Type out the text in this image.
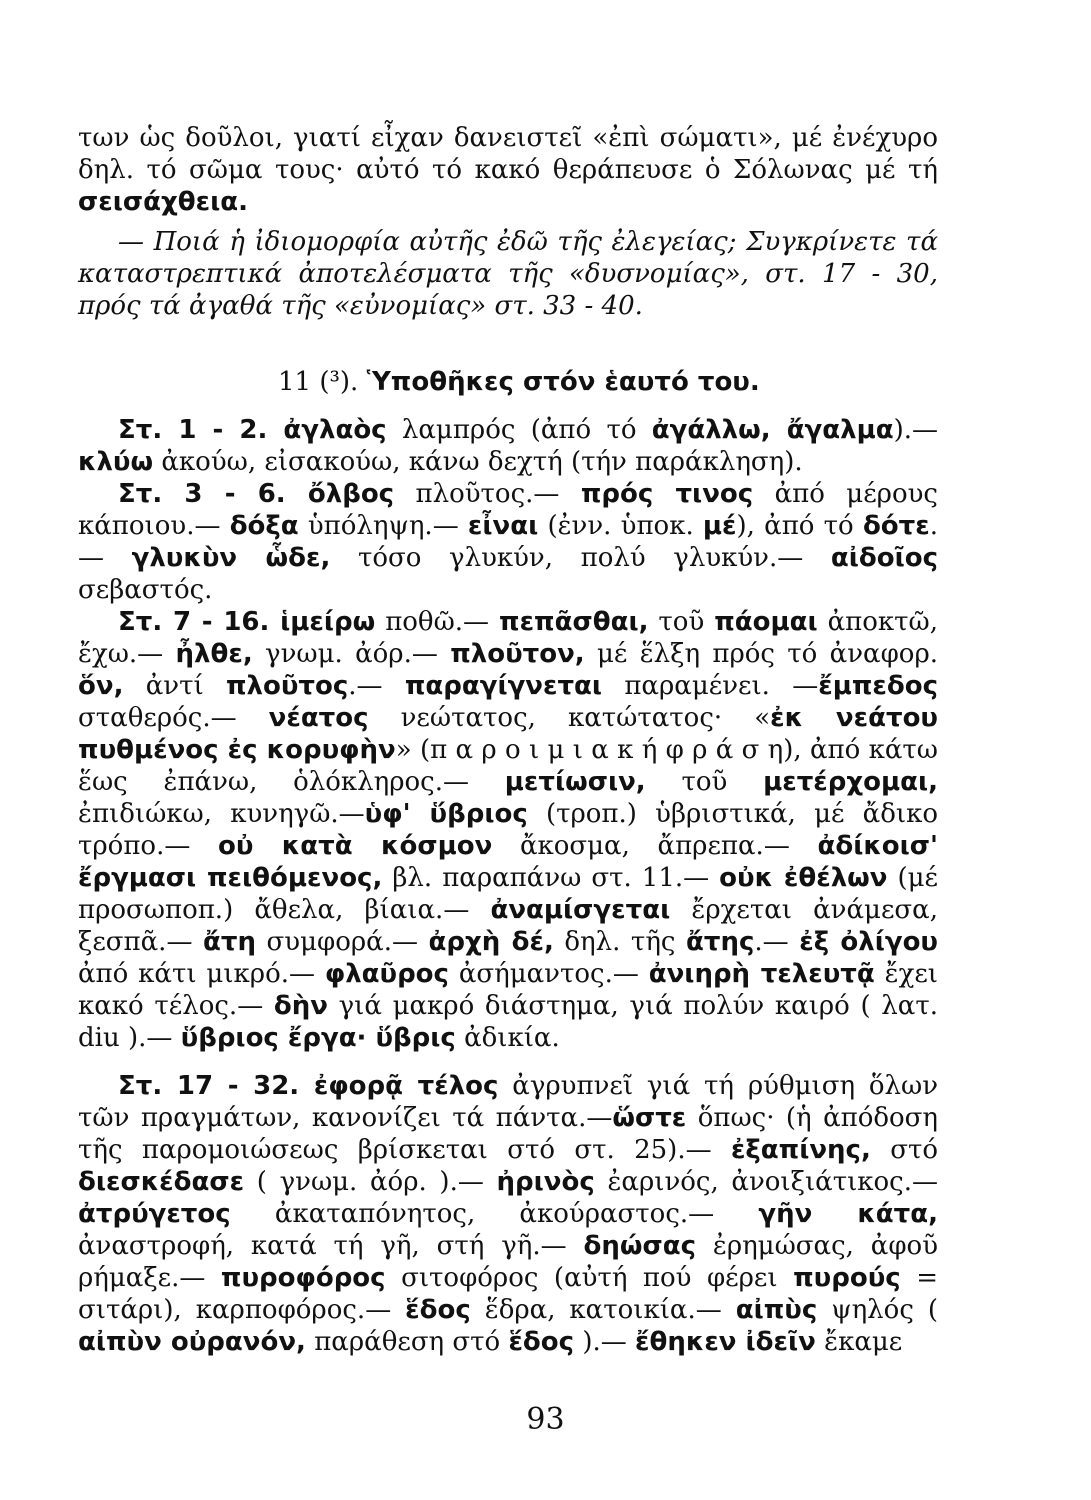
των ὡς δοῦλοι, γιατί εἶχαν δανειστεῖ «ἐπὶ σώματι», μέ ἐνέχυρο δηλ. τό σῶμα τους· αὐτό τό κακό θεράπευσε ὁ Σόλωνας μέ τή σεισάχθεια.

— Ποιά ἡ ἰδιομορφία αὐτῆς ἐδῶ τῆς ἐλεγείας; Συγκρίνετε τά καταστρεπτικά ἀποτελέσματα τῆς «δυσνομίας», στ. 17 - 30, πρός τά ἀγαθά τῆς «εὐνομίας» στ. 33 - 40.

11 (³). Ὑποθῆκες στόν ἑαυτό του.

Στ. 1 - 2. ἀγλαὸς λαμπρός (ἀπό τό ἀγάλλω, ἄγαλμα).— κλύω ἀκούω, εἰσακούω, κάνω δεχτή (τήν παράκληση).

Στ. 3 - 6. ὄλβος πλοῦτος.— πρός τινος ἀπό μέρους κάποιου.— δόξα ὑπόληψη.— εἶναι (ἐνν. ὑποκ. μέ), ἀπό τό δότε.— γλυκὺν ὧδε, τόσο γλυκύν, πολύ γλυκύν.— αἰδοῖος σεβαστός.

Στ. 7 - 16. ἱμείρω ποθῶ.— πεπᾶσθαι, τοῦ πάομαι ἀποκτῶ, ἔχω.— ἦλθε, γνωμ. ἀόρ.— πλοῦτον, μέ ἕλξη πρός τό ἀναφορ. ὅν, ἀντί πλοῦτος.— παραγίγνεται παραμένει. —ἔμπεδος σταθερός.— νέατος νεώτατος, κατώτατος· «ἐκ νεάτου πυθμένος ἐς κορυφὴν» (π α ρ ο ι μ ι α κ ή φ ρ ά σ η), ἀπό κάτω ἕως ἐπάνω, ὁλόκληρος.— μετίωσιν, τοῦ μετέρχομαι, ἐπιδιώκω, κυνηγῶ.—ὑφ' ὕβριος (τροπ.) ὑβριστικά, μέ ἄδικο τρόπο.— οὐ κατὰ κόσμον ἄκοσμα, ἄπρεπα.— ἀδίκοισ' ἔργμασι πειθόμενος, βλ. παραπάνω στ. 11.— οὐκ ἐθέλων (μέ προσωποπ.) ἄθελα, βίαια.— ἀναμίσγεται ἔρχεται ἀνάμεσα, ξεσπᾶ.— ἄτη συμφορά.— ἀρχὴ δέ, δηλ. τῆς ἄτης.— ἐξ ὀλίγου ἀπό κάτι μικρό.— φλαῦρος ἀσήμαντος.— ἀνιηρὴ τελευτᾷ ἔχει κακό τέλος.— δὴν γιά μακρό διάστημα, γιά πολύν καιρό ( λατ. diu ).— ὕβριος ἔργα· ὕβρις ἀδικία.

Στ. 17 - 32. ἐφορᾷ τέλος ἀγρυπνεῖ γιά τή ρύθμιση ὅλων τῶν πραγμάτων, κανονίζει τά πάντα.—ὥστε ὅπως· (ἡ ἀπόδοση τῆς παρομοιώσεως βρίσκεται στό στ. 25).— ἐξαπίνης, στό διεσκέδασε ( γνωμ. ἀόρ. ).— ἠρινὸς ἐαρινός, ἀνοιξιάτικος.— ἀτρύγετος ἀκαταπόνητος, ἀκούραστος.— γῆν κάτα, ἀναστροφή, κατά τή γῆ, στή γῆ.— δηώσας ἐρημώσας, ἀφοῦ ρήμαξε.— πυροφόρος σιτοφόρος (αὐτή πού φέρει πυρούς = σιτάρι), καρποφόρος.— ἕδος ἕδρα, κατοικία.— αἰπὺς ψηλός ( αἰπὺν οὐρανόν, παράθεση στό ἕδος ).— ἔθηκεν ἰδεῖν ἔκαμε

93
